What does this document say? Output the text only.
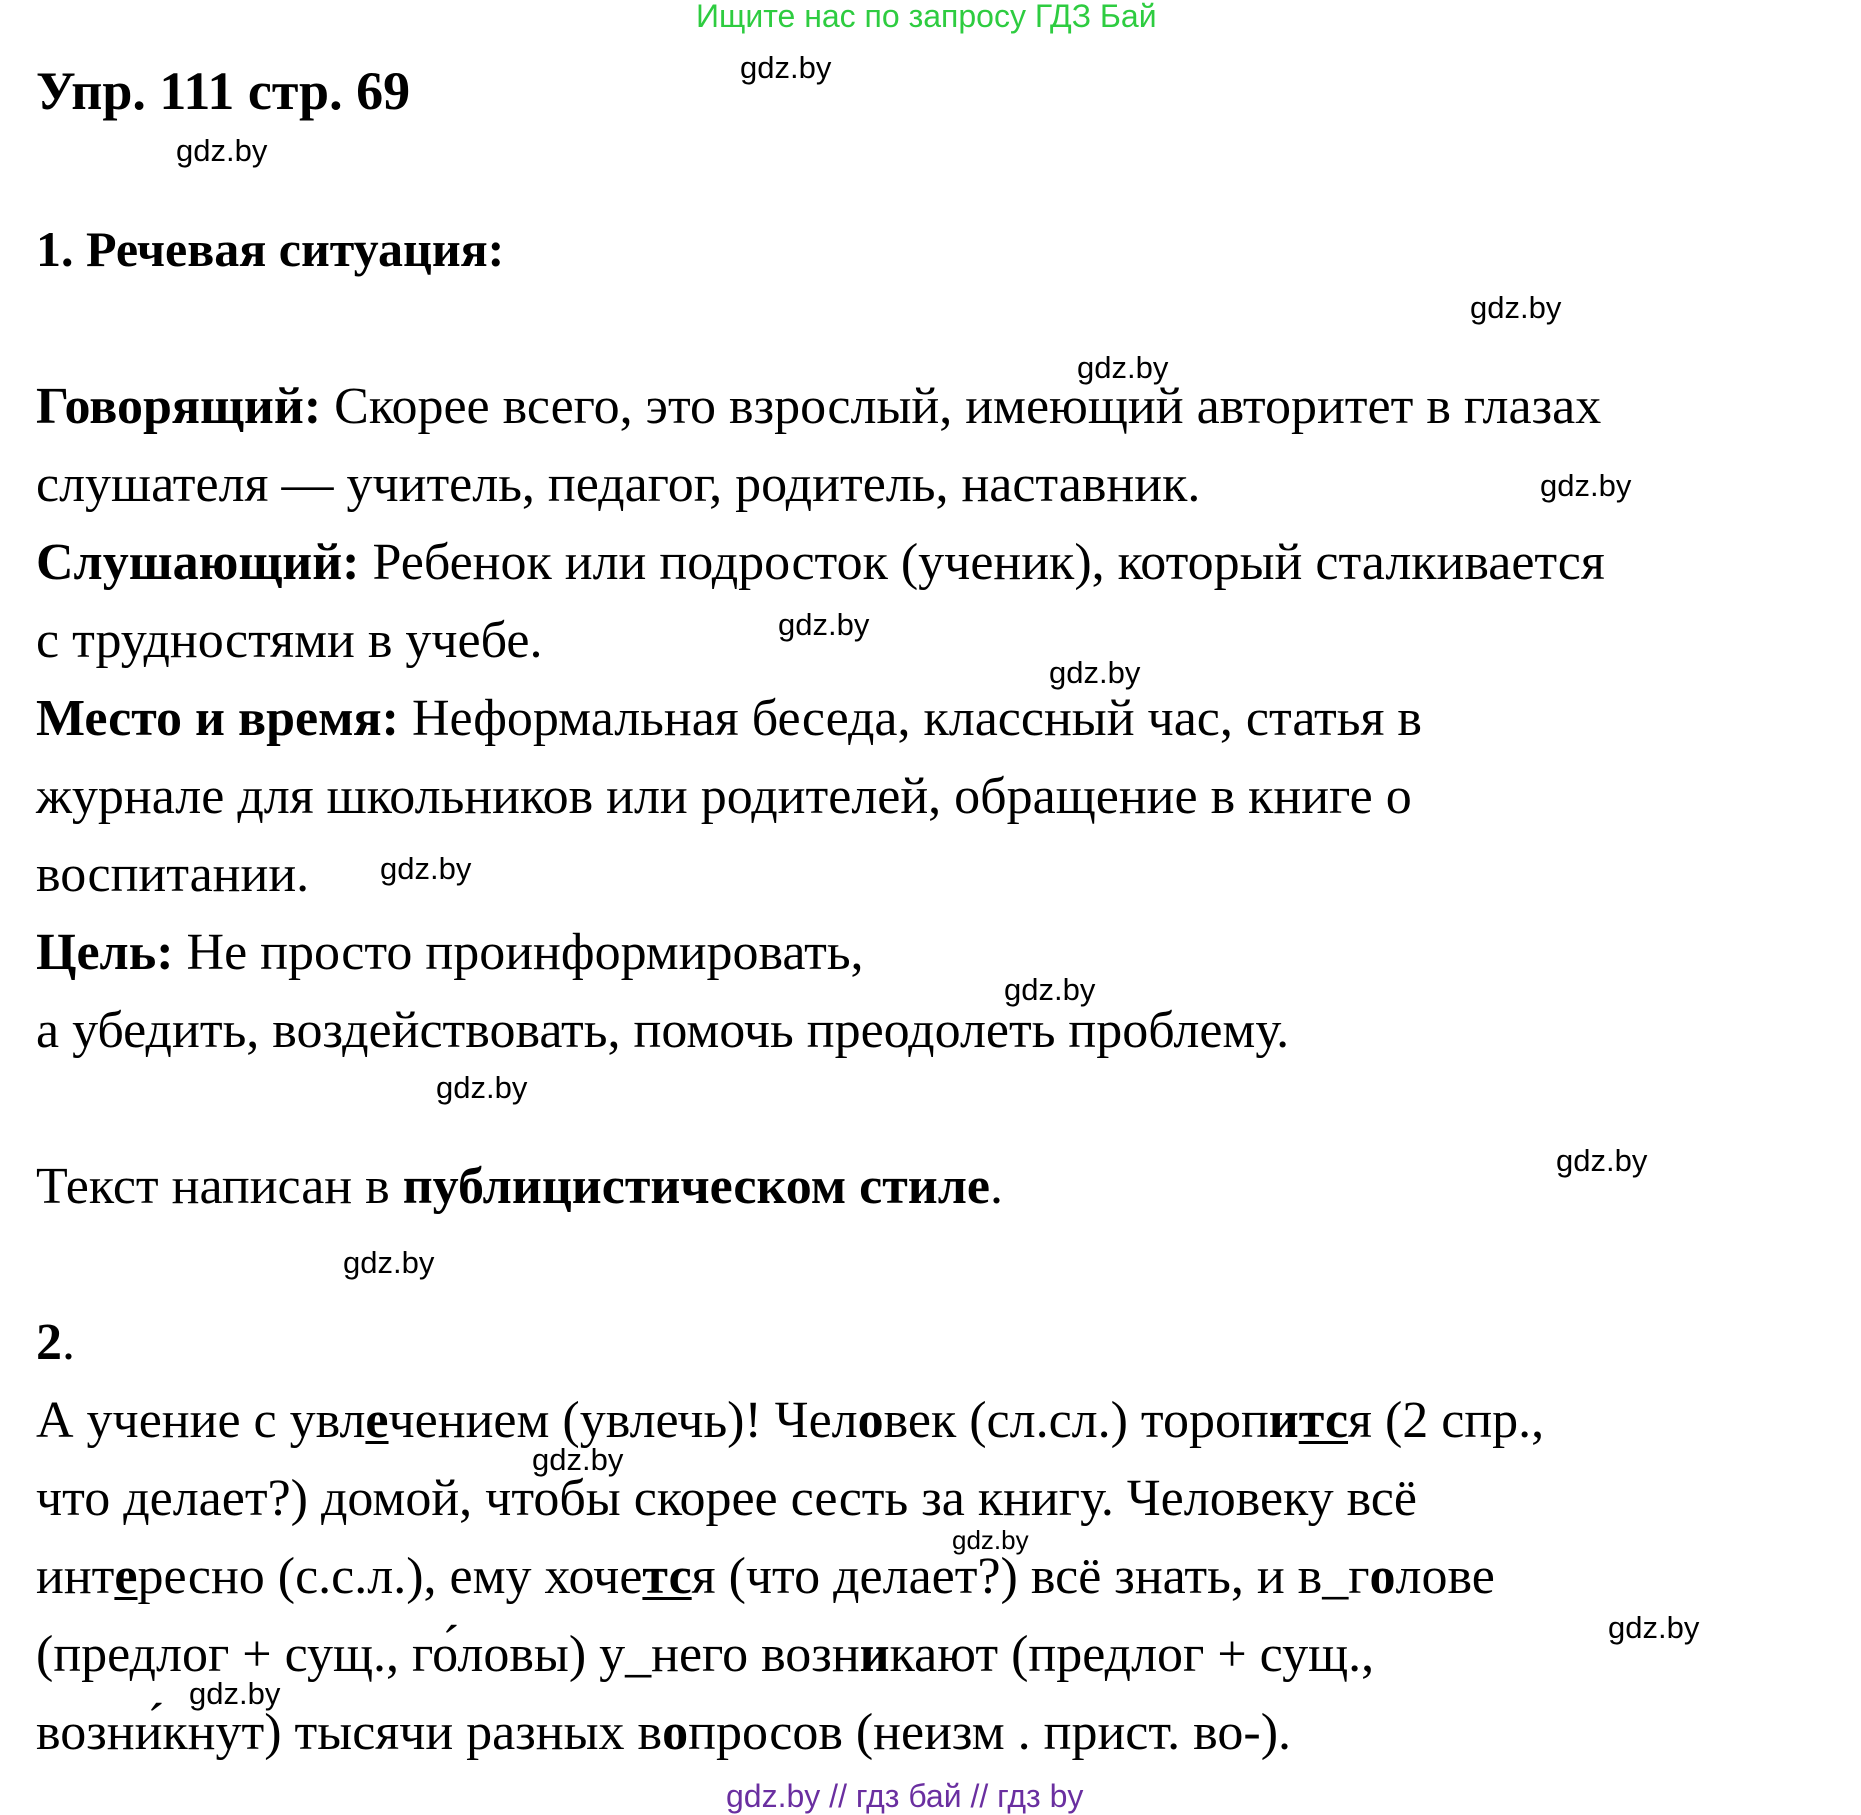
Ищите нас по запросу ГДЗ Бай
Упр. 111 стр. 69	gdz.by
gdz.by
1. Речевая ситуация:
gdz.by
gdz.by
Говорящий: Скорее всего, это взрослый, имеющий авторитет в глазах
слушателя — учитель, педагог, родитель, наставник.	gdz.by
Слушающий: Ребенок или подросток (ученик), который сталкивается
с трудностями в учебе.	gdz.by
gdz.by
Место и время: Неформальная беседа, классный час, статья в
журнале для школьников или родителей, обращение в книге о
воспитании. gdz.by
Цель: Не просто проинформировать,
gdz.by
а убедить, воздействовать, помочь преодолеть проблему.
gdz.by
gdz.by
Текст написан в публицистическом стиле.
gdz.by
2.
А учение с увлечением (увлечь)! Человек (сл.сл.) торопится (2 спр.,
gdz.by
что делает?) домой, чтобы скорее сесть за книгу. Человеку всё
gdz.by
интересно (с.с.л.), ему хочется (что делает?) всё знать, и в_голове
gdz.by
(предлог + сущ., го́ловы) у_него возникают (предлог + сущ.,
gdz.by
возни́кнут) тысячи разных вопросов (неизм . прист. во-).
gdz.by // гдз бай // гдз by
